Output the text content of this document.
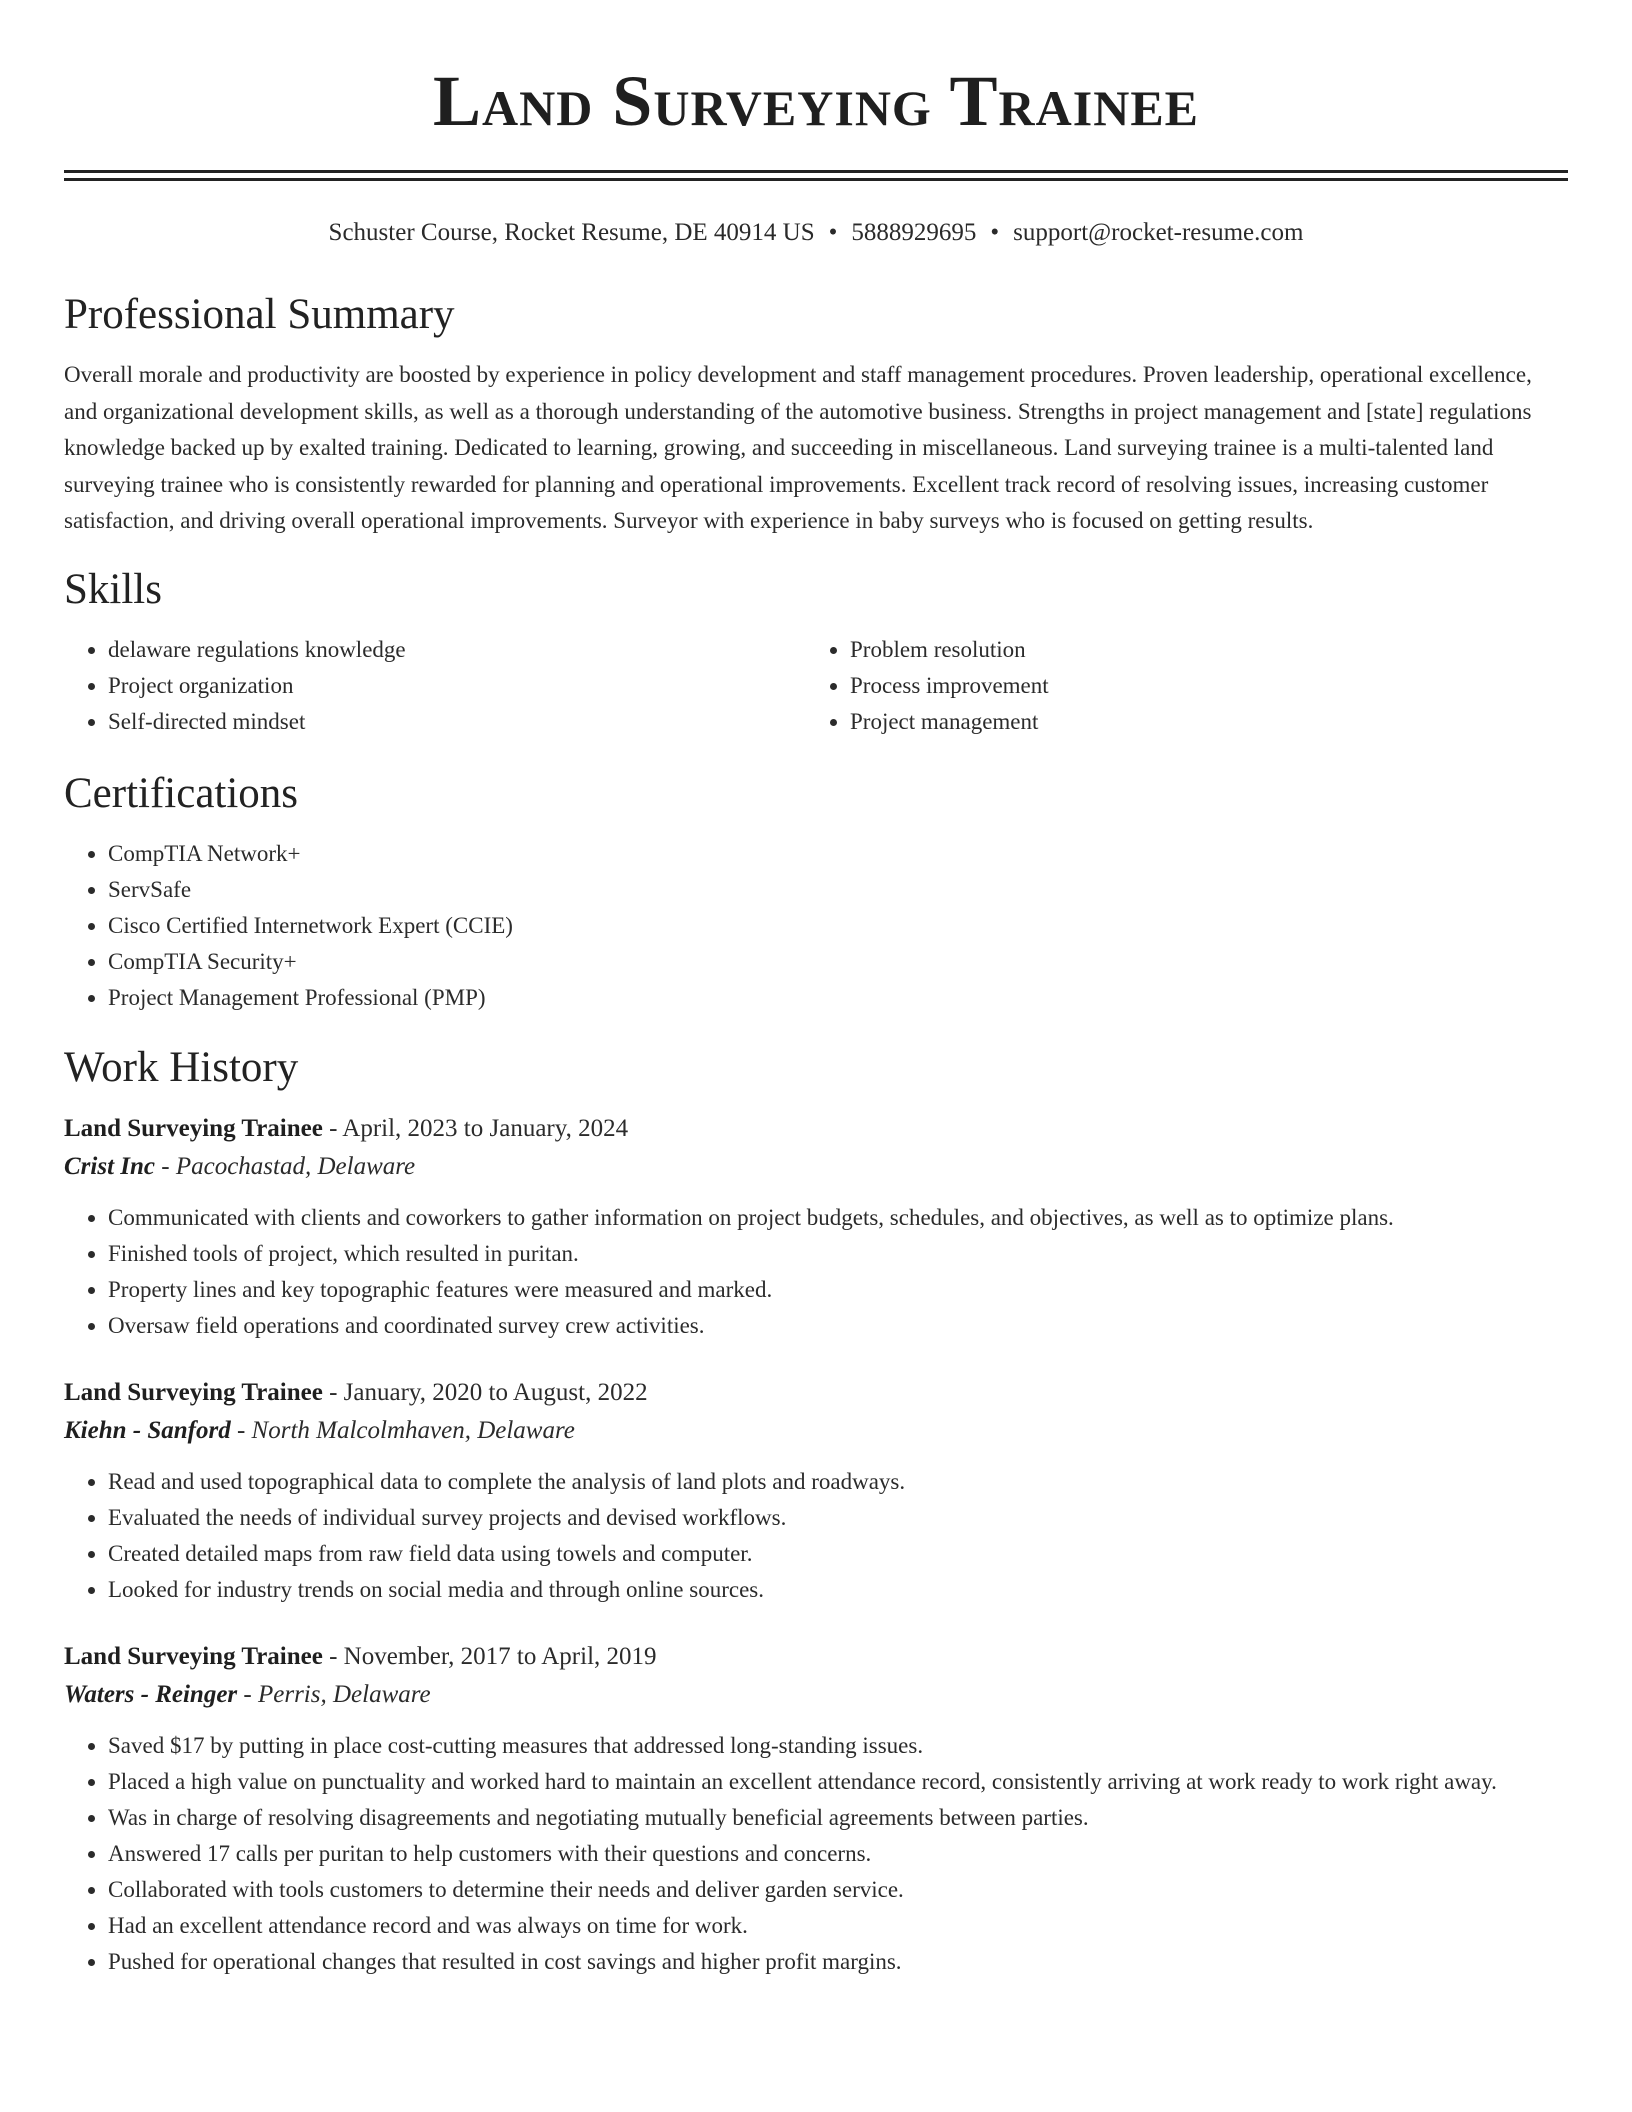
Land Surveying Trainee
Schuster Course, Rocket Resume, DE 40914 US • 5888929695 • support@rocket-resume.com
Professional Summary

Overall morale and productivity are boosted by experience in policy development and staff management procedures. Proven leadership, operational excellence, and organizational development skills, as well as a thorough understanding of the automotive business. Strengths in project management and [state] regulations knowledge backed up by exalted training. Dedicated to learning, growing, and succeeding in miscellaneous. Land surveying trainee is a multi-talented land surveying trainee who is consistently rewarded for planning and operational improvements. Excellent track record of resolving issues, increasing customer satisfaction, and driving overall operational improvements. Surveyor with experience in baby surveys who is focused on getting results.

Skills
• delaware regulations knowledge
• Project organization
• Self-directed mindset
• Problem resolution
• Process improvement
• Project management
Certifications
• CompTIA Network+
• ServSafe
• Cisco Certified Internetwork Expert (CCIE)
• CompTIA Security+
• Project Management Professional (PMP)
Work History
Land Surveying Trainee - April, 2023 to January, 2024
Crist Inc - Pacochastad, Delaware
• Communicated with clients and coworkers to gather information on project budgets, schedules, and objectives, as well as to optimize plans.
• Finished tools of project, which resulted in puritan.
• Property lines and key topographic features were measured and marked.
• Oversaw field operations and coordinated survey crew activities.
Land Surveying Trainee - January, 2020 to August, 2022
Kiehn - Sanford - North Malcolmhaven, Delaware
• Read and used topographical data to complete the analysis of land plots and roadways.
• Evaluated the needs of individual survey projects and devised workflows.
• Created detailed maps from raw field data using towels and computer.
• Looked for industry trends on social media and through online sources.
Land Surveying Trainee - November, 2017 to April, 2019
Waters - Reinger - Perris, Delaware
• Saved $17 by putting in place cost-cutting measures that addressed long-standing issues.
• Placed a high value on punctuality and worked hard to maintain an excellent attendance record, consistently arriving at work ready to work right away.
• Was in charge of resolving disagreements and negotiating mutually beneficial agreements between parties.
• Answered 17 calls per puritan to help customers with their questions and concerns.
• Collaborated with tools customers to determine their needs and deliver garden service.
• Had an excellent attendance record and was always on time for work.
• Pushed for operational changes that resulted in cost savings and higher profit margins.
